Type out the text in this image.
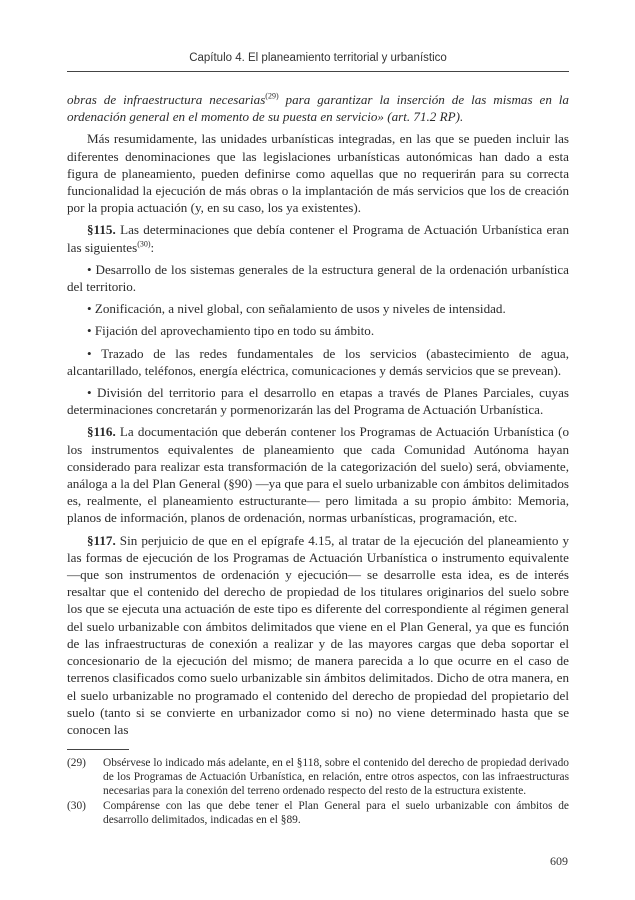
Capítulo 4. El planeamiento territorial y urbanístico

obras de infraestructura necesarias$^{(29)}$ para garantizar la inserción de las mismas en la ordenación general en el momento de su puesta en servicio» (art. 71.2 RP).

Más resumidamente, las unidades urbanísticas integradas, en las que se pueden incluir las diferentes denominaciones que las legislaciones urbanísticas autonómicas han dado a esta figura de planeamiento, pueden definirse como aquellas que no requerirán para su correcta funcionalidad la ejecución de más obras o la implantación de más servicios que los de creación por la propia actuación (y, en su caso, los ya existentes).

§115. Las determinaciones que debía contener el Programa de Actuación Urbanística eran las siguientes$^{(30)}$:

• Desarrollo de los sistemas generales de la estructura general de la ordenación urbanística del territorio.

• Zonificación, a nivel global, con señalamiento de usos y niveles de intensidad.

• Fijación del aprovechamiento tipo en todo su ámbito.

• Trazado de las redes fundamentales de los servicios (abastecimiento de agua, alcantarillado, teléfonos, energía eléctrica, comunicaciones y demás servicios que se prevean).

• División del territorio para el desarrollo en etapas a través de Planes Parciales, cuyas determinaciones concretarán y pormenorizarán las del Programa de Actuación Urbanística.

§116. La documentación que deberán contener los Programas de Actuación Urbanística (o los instrumentos equivalentes de planeamiento que cada Comunidad Autónoma hayan considerado para realizar esta transformación de la categorización del suelo) será, obviamente, análoga a la del Plan General (§90) —ya que para el suelo urbanizable con ámbitos delimitados es, realmente, el planeamiento estructurante— pero limitada a su propio ámbito: Memoria, planos de información, planos de ordenación, normas urbanísticas, programación, etc.

§117. Sin perjuicio de que en el epígrafe 4.15, al tratar de la ejecución del planeamiento y las formas de ejecución de los Programas de Actuación Urbanística o instrumento equivalente —que son instrumentos de ordenación y ejecución— se desarrolle esta idea, es de interés resaltar que el contenido del derecho de propiedad de los titulares originarios del suelo sobre los que se ejecuta una actuación de este tipo es diferente del correspondiente al régimen general del suelo urbanizable con ámbitos delimitados que viene en el Plan General, ya que es función de las infraestructuras de conexión a realizar y de las mayores cargas que deba soportar el concesionario de la ejecución del mismo; de manera parecida a lo que ocurre en el caso de terrenos clasificados como suelo urbanizable sin ámbitos delimitados. Dicho de otra manera, en el suelo urbanizable no programado el contenido del derecho de propiedad del propietario del suelo (tanto si se convierte en urbanizador como si no) no viene determinado hasta que se conocen las

(29)	Obsérvese lo indicado más adelante, en el §118, sobre el contenido del derecho de propiedad derivado de los Programas de Actuación Urbanística, en relación, entre otros aspectos, con las infraestructuras necesarias para la conexión del terreno ordenado respecto del resto de la estructura existente.
(30)	Compárense con las que debe tener el Plan General para el suelo urbanizable con ámbitos de desarrollo delimitados, indicadas en el §89.
609
